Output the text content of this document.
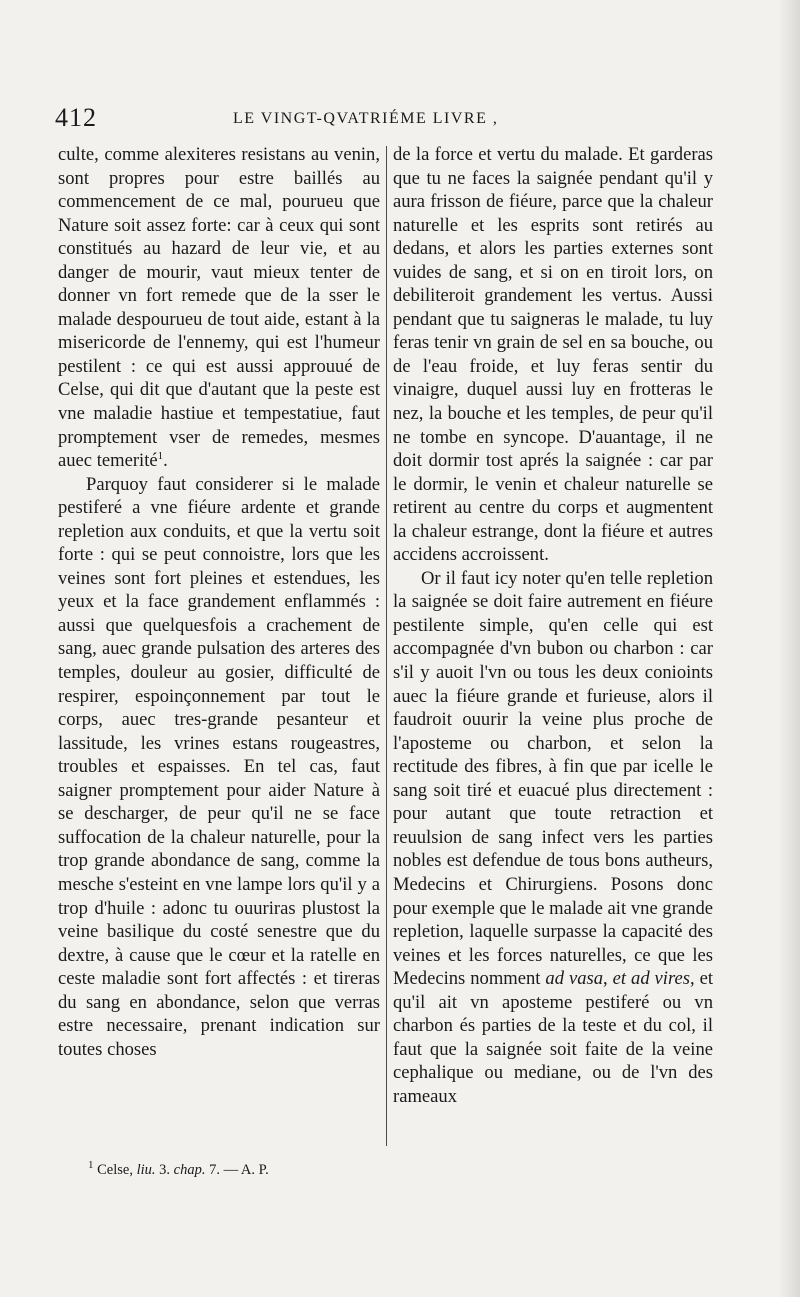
412	LE VINGT-QVATRIÉME LIVRE ,

culte, comme alexiteres resistans au venin, sont propres pour estre baillés au commencement de ce mal, pourueu que Nature soit assez forte: car à ceux qui sont constitués au hazard de leur vie, et au danger de mourir, vaut mieux tenter de donner vn fort remede que de la sser le malade despourueu de tout aide, estant à la misericorde de l'ennemy, qui est l'humeur pestilent : ce qui est aussi approuué de Celse, qui dit que d'autant que la peste est vne maladie hastiue et tempestatiue, faut promptement vser de remedes, mesmes auec temerité$^1$.

Parquoy faut considerer si le malade pestiferé a vne fiéure ardente et grande repletion aux conduits, et que la vertu soit forte : qui se peut connoistre, lors que les veines sont fort pleines et estendues, les yeux et la face grandement enflammés : aussi que quelquesfois a crachement de sang, auec grande pulsation des arteres des temples, douleur au gosier, difficulté de respirer, espoinçonnement par tout le corps, auec tres-grande pesanteur et lassitude, les vrines estans rougeastres, troubles et espaisses. En tel cas, faut saigner promptement pour aider Nature à se descharger, de peur qu'il ne se face suffocation de la chaleur naturelle, pour la trop grande abondance de sang, comme la mesche s'esteint en vne lampe lors qu'il y a trop d'huile : adonc tu ouuriras plustost la veine basilique du costé senestre que du dextre, à cause que le cœur et la ratelle en ceste maladie sont fort affectés : et tireras du sang en abondance, selon que verras estre necessaire, prenant indication sur toutes choses

de la force et vertu du malade. Et garderas que tu ne faces la saignée pendant qu'il y aura frisson de fiéure, parce que la chaleur naturelle et les esprits sont retirés au dedans, et alors les parties externes sont vuides de sang, et si on en tiroit lors, on debiliteroit grandement les vertus. Aussi pendant que tu saigneras le malade, tu luy feras tenir vn grain de sel en sa bouche, ou de l'eau froide, et luy feras sentir du vinaigre, duquel aussi luy en frotteras le nez, la bouche et les temples, de peur qu'il ne tombe en syncope. D'auantage, il ne doit dormir tost aprés la saignée : car par le dormir, le venin et chaleur naturelle se retirent au centre du corps et augmentent la chaleur estrange, dont la fiéure et autres accidens accroissent.

Or il faut icy noter qu'en telle repletion la saignée se doit faire autrement en fiéure pestilente simple, qu'en celle qui est accompagnée d'vn bubon ou charbon : car s'il y auoit l'vn ou tous les deux conioints auec la fiéure grande et furieuse, alors il faudroit ouurir la veine plus proche de l'aposteme ou charbon, et selon la rectitude des fibres, à fin que par icelle le sang soit tiré et euacué plus directement : pour autant que toute retraction et reuulsion de sang infect vers les parties nobles est defendue de tous bons autheurs, Medecins et Chirurgiens. Posons donc pour exemple que le malade ait vne grande repletion, laquelle surpasse la capacité des veines et les forces naturelles, ce que les Medecins nomment ad vasa, et ad vires, et qu'il ait vn aposteme pestiferé ou vn charbon és parties de la teste et du col, il faut que la saignée soit faite de la veine cephalique ou mediane, ou de l'vn des rameaux

$^1$ Celse, liu. 3. chap. 7. — A. P.
